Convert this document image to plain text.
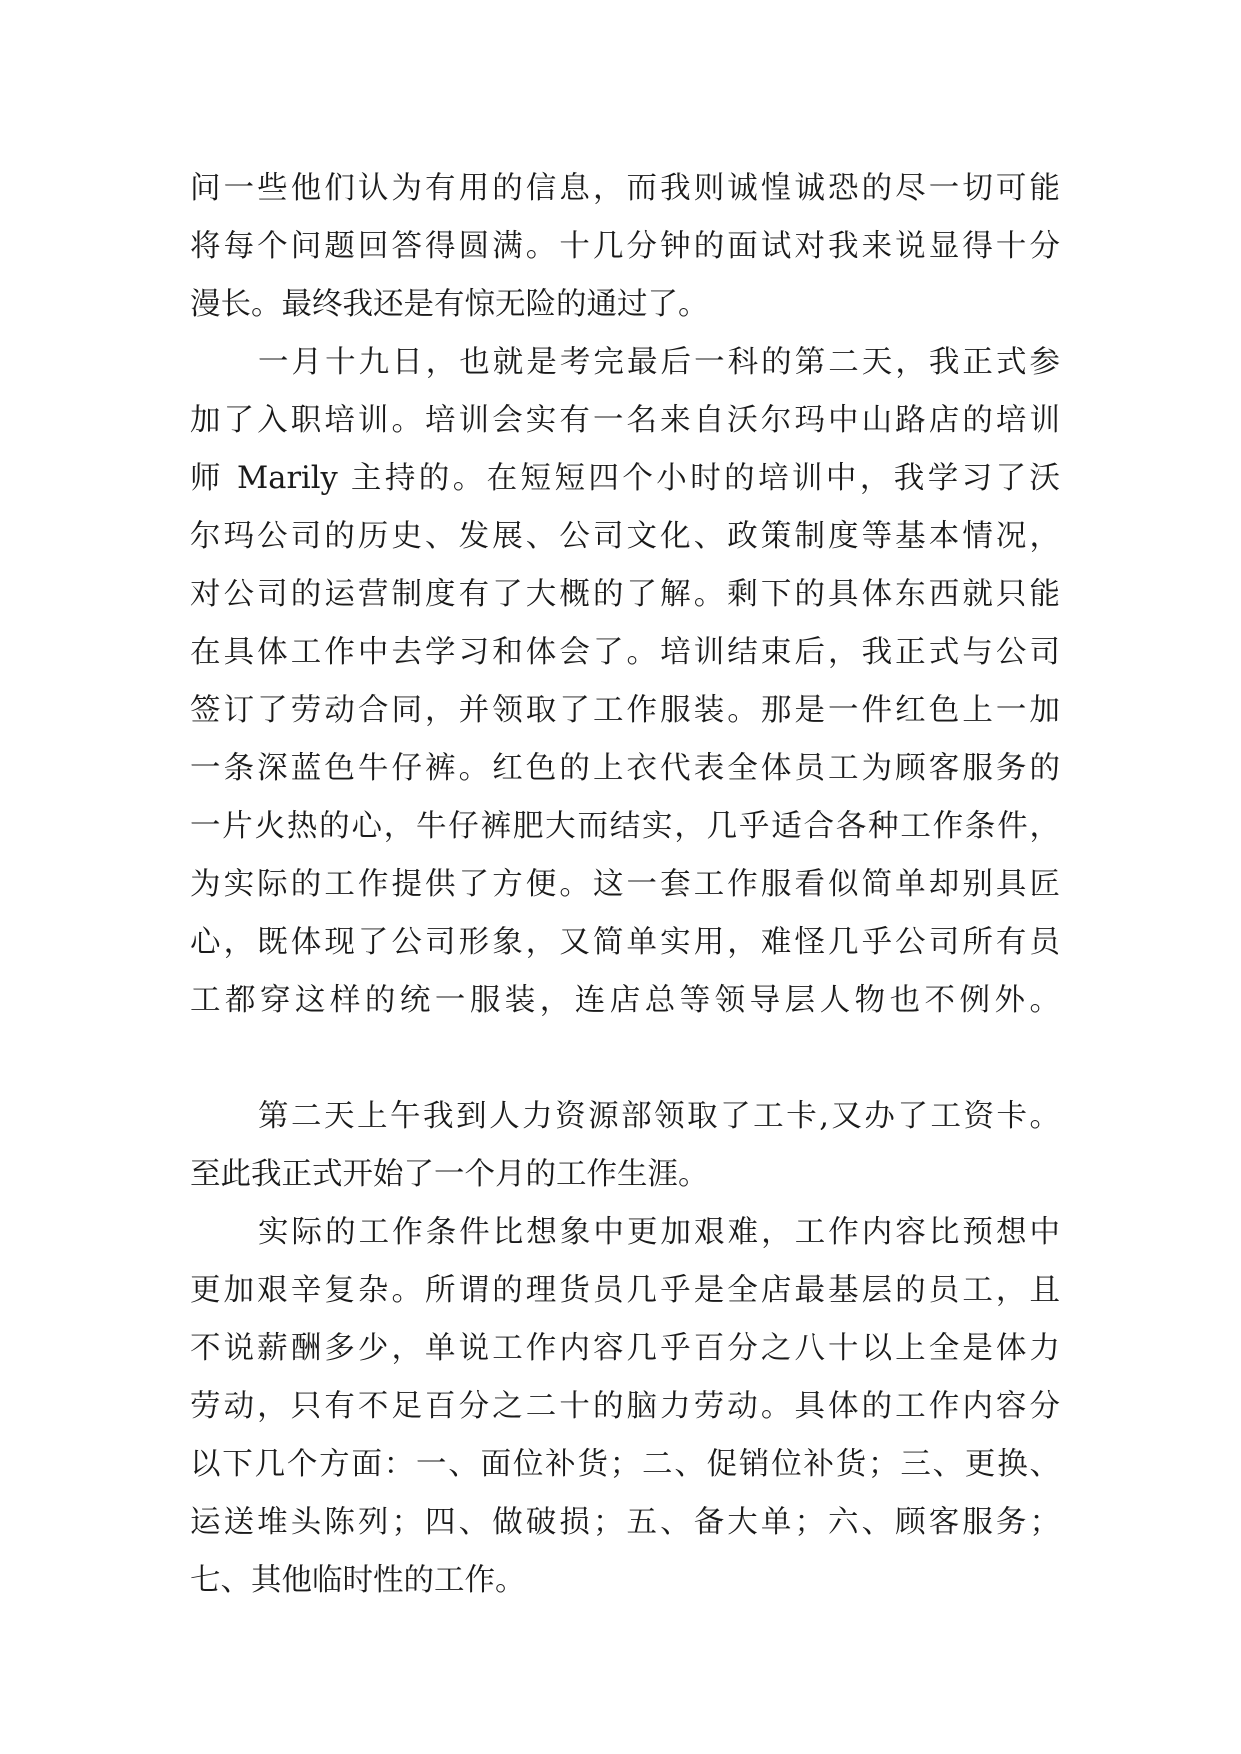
问一些他们认为有用的信息，而我则诚惶诚恐的尽一切可能
将每个问题回答得圆满。十几分钟的面试对我来说显得十分
漫长。最终我还是有惊无险的通过了。
一月十九日，也就是考完最后一科的第二天，我正式参
加了入职培训。培训会实有一名来自沃尔玛中山路店的培训
师 Marily 主持的。在短短四个小时的培训中，我学习了沃
尔玛公司的历史、发展、公司文化、政策制度等基本情况，
对公司的运营制度有了大概的了解。剩下的具体东西就只能
在具体工作中去学习和体会了。培训结束后，我正式与公司
签订了劳动合同，并领取了工作服装。那是一件红色上一加
一条深蓝色牛仔裤。红色的上衣代表全体员工为顾客服务的
一片火热的心，牛仔裤肥大而结实，几乎适合各种工作条件，
为实际的工作提供了方便。这一套工作服看似简单却别具匠
心，既体现了公司形象，又简单实用，难怪几乎公司所有员
工都穿这样的统一服装，连店总等领导层人物也不例外。
第二天上午我到人力资源部领取了工卡,又办了工资卡。
至此我正式开始了一个月的工作生涯。
实际的工作条件比想象中更加艰难，工作内容比预想中
更加艰辛复杂。所谓的理货员几乎是全店最基层的员工，且
不说薪酬多少，单说工作内容几乎百分之八十以上全是体力
劳动，只有不足百分之二十的脑力劳动。具体的工作内容分
以下几个方面：一、面位补货；二、促销位补货；三、更换、
运送堆头陈列；四、做破损；五、备大单；六、顾客服务；
七、其他临时性的工作。
